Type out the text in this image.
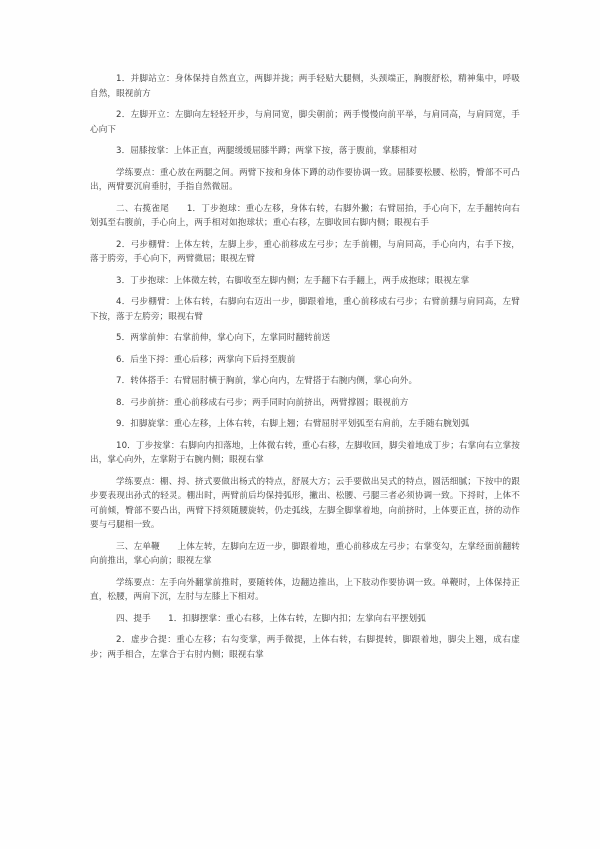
1．并脚站立：身体保持自然直立，两脚并拢；两手轻贴大腿侧，头颈端正，胸腹舒松，精神集中，呼吸自然，眼视前方

2．左脚开立：左脚向左轻轻开步，与肩同宽，脚尖朝前；两手慢慢向前平举，与肩同高，与肩同宽，手心向下

3．屈膝按掌：上体正直，两腿缓缓屈膝半蹲；两掌下按，落于腹前，掌膝相对

学练要点：重心放在两腿之间。两臂下按和身体下蹲的动作要协调一致。屈膝要松腰、松胯，臀部不可凸出，两臂要沉肩垂肘，手指自然微屈。

二、右揽雀尾　　1．丁步抱球：重心左移，身体右转，右脚外撇；右臂屈抬，手心向下，左手翻转向右划弧至右腹前，手心向上，两手相对如抱球状；重心右移，左脚收回右脚内侧；眼视右手

2．弓步棚臂：上体左转，左脚上步，重心前移成左弓步；左手前棚，与肩同高，手心向内，右手下按，落于胯旁，手心向下，两臂微屈；眼视左臂

3．丁步抱球：上体微左转，右脚收至左脚内侧；左手翻下右手翻上，两手成抱球；眼视左掌

4．弓步棚臂：上体右转，右脚向右迈出一步，脚跟着地，重心前移成右弓步；右臂前掤与肩同高，左臂下按，落于左胯旁；眼视右臂

5．两掌前伸：右掌前伸，掌心向下，左掌同时翻转前送

6．后坐下捋：重心后移；两掌向下后捋至腹前

7．转体搭手：右臂屈肘横于胸前，掌心向内，左臂搭于右腕内侧，掌心向外。

8．弓步前挤：重心前移成右弓步；两手同时向前挤出，两臂撑圆；眼视前方

9．扣脚旋掌：重心左移，上体右转，右脚上翘；右臂屈肘平划弧至右肩前，左手随右腕划弧

10．丁步按掌：右脚向内扣落地，上体微右转，重心右移，左脚收回，脚尖着地成丁步；右掌向右立掌按出，掌心向外，左掌附于右腕内侧；眼视右掌

学练要点：棚、捋、挤式要做出杨式的特点，舒展大方；云手要做出吴式的特点，圆活细腻；下按中的跟步要表现出孙式的轻灵。棚出时，两臂前后均保持弧形，撇出、松腰、弓腿三者必须协调一致。下捋时，上体不可前倾，臀部不要凸出，两臂下捋须随腰旋转，仍走弧线，左脚全脚掌着地，向前挤时，上体要正直，挤的动作要与弓腿相一致。

三、左单鞭　　上体左转，左脚向左迈一步，脚跟着地，重心前移成左弓步；右掌变勾，左掌经面前翻转向前推出，掌心向前；眼视左掌

学练要点：左手向外翻掌前推时，要随转体，边翻边推出，上下肢动作要协调一致。单鞭时，上体保持正直，松腰，两肩下沉，左肘与左膝上下相对。

四、提手　　1．扣脚摆掌：重心右移，上体右转，左脚内扣；左掌向右平摆划弧

2．虚步合提：重心左移；右勾变掌，两手微提，上体右转，右脚提转，脚跟着地，脚尖上翘，成右虚步；两手相合，左掌合于右肘内侧；眼视右掌
